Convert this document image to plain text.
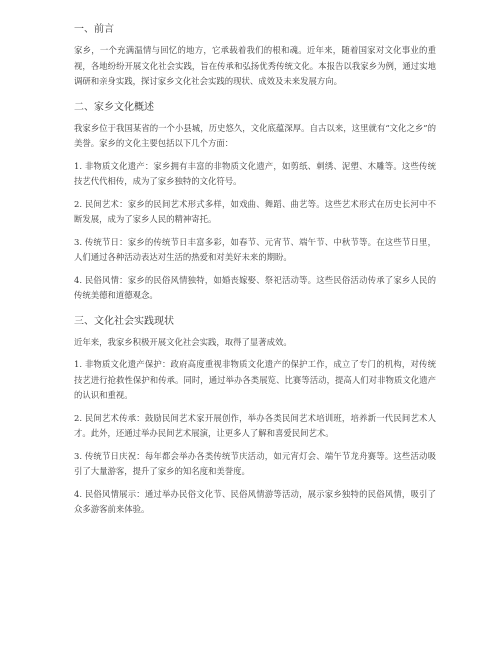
一、前言

家乡，一个充满温情与回忆的地方，它承载着我们的根和魂。近年来，随着国家对文化事业的重视，各地纷纷开展文化社会实践，旨在传承和弘扬优秀传统文化。本报告以我家乡为例，通过实地调研和亲身实践，探讨家乡文化社会实践的现状、成效及未来发展方向。

二、家乡文化概述

我家乡位于我国某省的一个小县城，历史悠久，文化底蕴深厚。自古以来，这里就有“文化之乡”的美誉。家乡的文化主要包括以下几个方面：

1. 非物质文化遗产：家乡拥有丰富的非物质文化遗产，如剪纸、刺绣、泥塑、木雕等。这些传统技艺代代相传，成为了家乡独特的文化符号。

2. 民间艺术：家乡的民间艺术形式多样，如戏曲、舞蹈、曲艺等。这些艺术形式在历史长河中不断发展，成为了家乡人民的精神寄托。

3. 传统节日：家乡的传统节日丰富多彩，如春节、元宵节、端午节、中秋节等。在这些节日里，人们通过各种活动表达对生活的热爱和对美好未来的期盼。

4. 民俗风情：家乡的民俗风情独特，如婚丧嫁娶、祭祀活动等。这些民俗活动传承了家乡人民的传统美德和道德观念。

三、文化社会实践现状

近年来，我家乡积极开展文化社会实践，取得了显著成效。

1. 非物质文化遗产保护：政府高度重视非物质文化遗产的保护工作，成立了专门的机构，对传统技艺进行抢救性保护和传承。同时，通过举办各类展览、比赛等活动，提高人们对非物质文化遗产的认识和重视。

2. 民间艺术传承：鼓励民间艺术家开展创作，举办各类民间艺术培训班，培养新一代民间艺术人才。此外，还通过举办民间艺术展演，让更多人了解和喜爱民间艺术。

3. 传统节日庆祝：每年都会举办各类传统节庆活动，如元宵灯会、端午节龙舟赛等。这些活动吸引了大量游客，提升了家乡的知名度和美誉度。

4. 民俗风情展示：通过举办民俗文化节、民俗风情游等活动，展示家乡独特的民俗风情，吸引了众多游客前来体验。
